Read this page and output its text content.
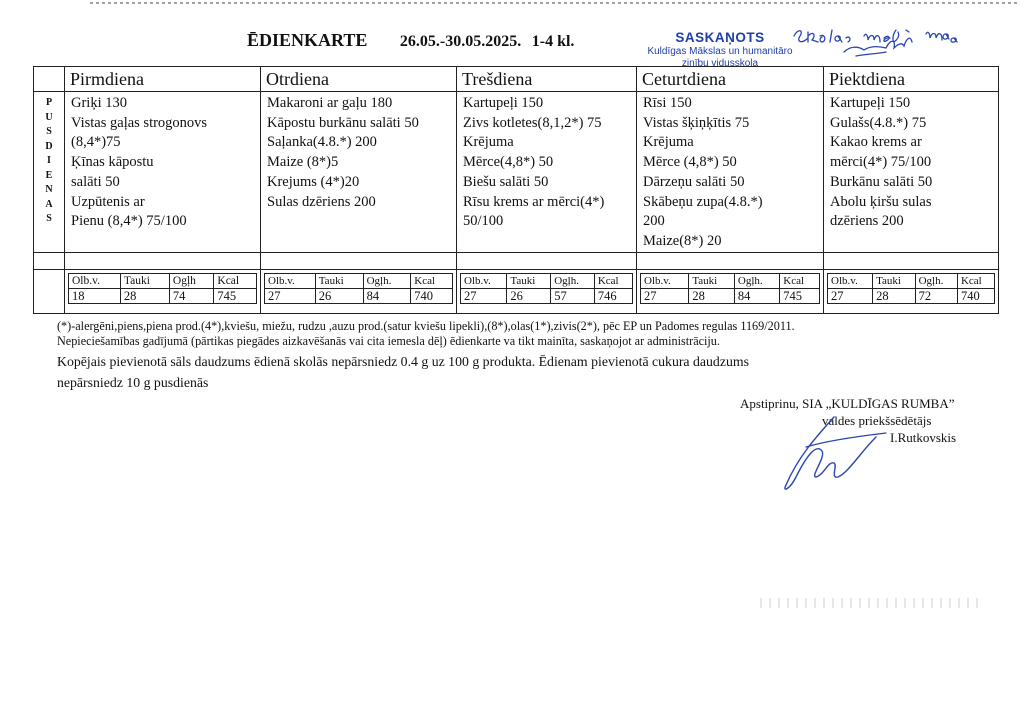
ĒDIENKARTE 26.05.-30.05.2025. 1-4 kl.	SASKAŅOTS
Kuldīgas Mākslas un humanitāro zinību vidusskola
	Pirmdiena	Otrdiena	Trešdiena	Ceturtdiena	Piektdiena

P
U
S
D
I
E
N
A
S

Griķi 130
Vistas gaļas strogonovs
(8,4*)75
Ķīnas kāpostu
salāti 50
Uzpūtenis ar
Pienu (8,4*) 75/100

Makaroni ar gaļu 180
Kāpostu burkānu salāti 50
Saļanka(4.8.*) 200
Maize (8*)5
Krejums (4*)20
Sulas dzēriens 200

Kartupeļi 150
Zivs kotletes(8,1,2*) 75
Krējuma
Mērce(4,8*) 50
Biešu salāti 50
Rīsu krems ar mērci(4*)
50/100

Rīsi 150
Vistas šķiņķītis 75
Krējuma
Mērce (4,8*) 50
Dārzeņu salāti 50
Skābeņu zupa(4.8.*)
200
Maize(8*) 20

Kartupeļi 150
Gulašs(4.8.*) 75
Kakao krems ar
mērci(4*) 75/100
Burkānu salāti 50
Abolu ķiršu sulas
dzēriens 200

Olb.v.	Tauki	Ogļh	Kcal
18	28	74	745

Olb.v.	Tauki	Ogļh.	Kcal
27	26	84	740

Olb.v.	Tauki	Ogļh.	Kcal
27	26	57	746

Olb.v.	Tauki	Ogļh.	Kcal
27	28	84	745

Olb.v.	Tauki	Ogļh.	Kcal
27	28	72	740
(*)-alergēni,piens,piena prod.(4*),kviešu, miežu, rudzu ,auzu prod.(satur kviešu lipekli),(8*),olas(1*),zivis(2*), pēc EP un Padomes regulas 1169/2011.
Nepieciešamības gadījumā (pārtikas piegādes aizkavēšanās vai cita iemesla dēļ) ēdienkarte va tikt mainīta, saskaņojot ar administrāciju.
Kopējais pievienotā sāls daudzums ēdienā skolās nepārsniedz 0.4 g uz 100 g produkta. Ēdienam pievienotā cukura daudzums
nepārsniedz 10 g pusdienās
Apstiprinu, SIA „KULDĪGAS RUMBA”
valdes priekšsēdētājs
I.Rutkovskis
